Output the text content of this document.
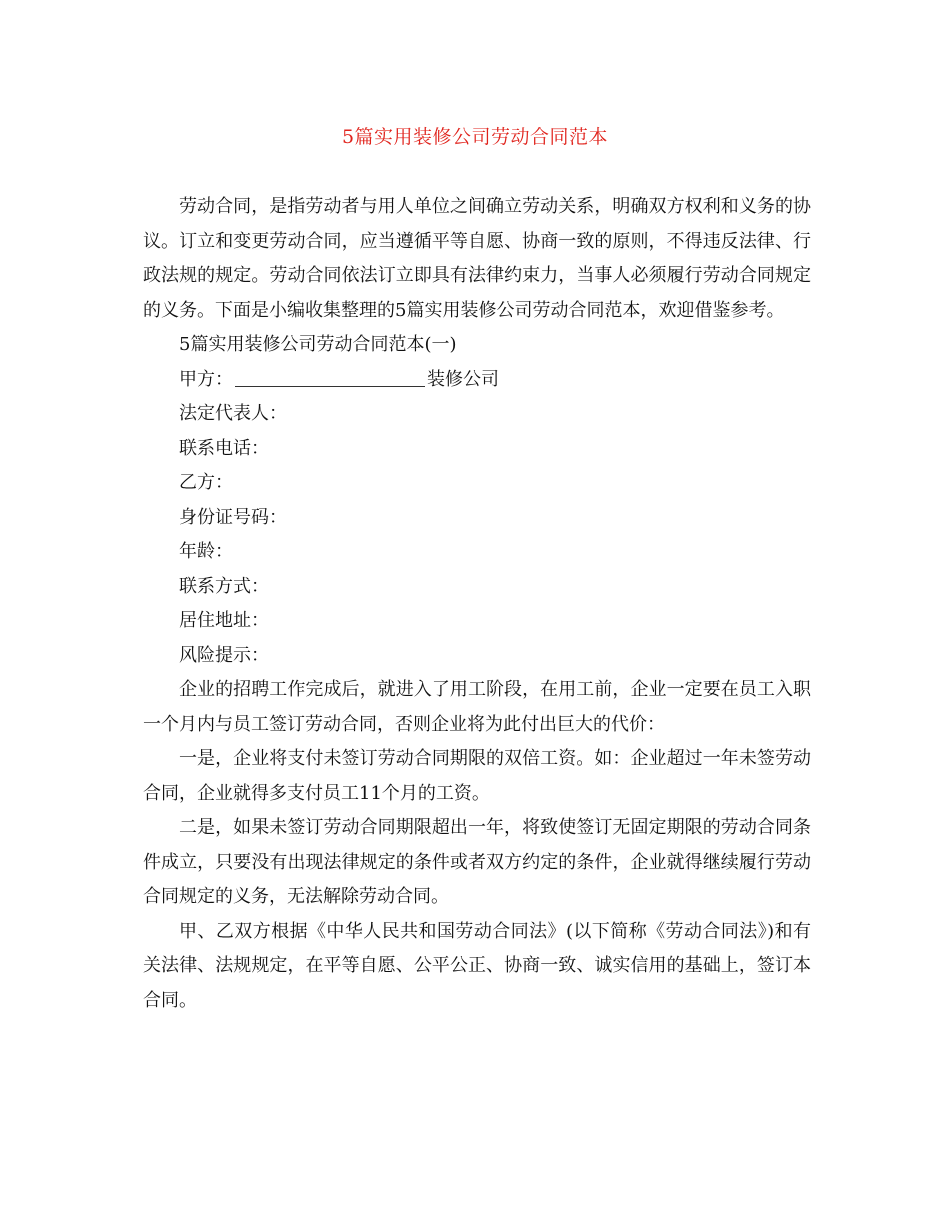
5篇实用装修公司劳动合同范本

劳动合同，是指劳动者与用人单位之间确立劳动关系，明确双方权利和义务的协议。订立和变更劳动合同，应当遵循平等自愿、协商一致的原则，不得违反法律、行政法规的规定。劳动合同依法订立即具有法律约束力，当事人必须履行劳动合同规定的义务。下面是小编收集整理的5篇实用装修公司劳动合同范本，欢迎借鉴参考。

5篇实用装修公司劳动合同范本(一)

甲方：	装修公司

法定代表人：

联系电话：

乙方：

身份证号码：

年龄：

联系方式：

居住地址：

风险提示：

企业的招聘工作完成后，就进入了用工阶段，在用工前，企业一定要在员工入职一个月内与员工签订劳动合同，否则企业将为此付出巨大的代价：

一是，企业将支付未签订劳动合同期限的双倍工资。如：企业超过一年未签劳动合同，企业就得多支付员工11个月的工资。

二是，如果未签订劳动合同期限超出一年，将致使签订无固定期限的劳动合同条件成立，只要没有出现法律规定的条件或者双方约定的条件，企业就得继续履行劳动合同规定的义务，无法解除劳动合同。

甲、乙双方根据《中华人民共和国劳动合同法》(以下简称《劳动合同法》)和有关法律、法规规定，在平等自愿、公平公正、协商一致、诚实信用的基础上，签订本合同。
